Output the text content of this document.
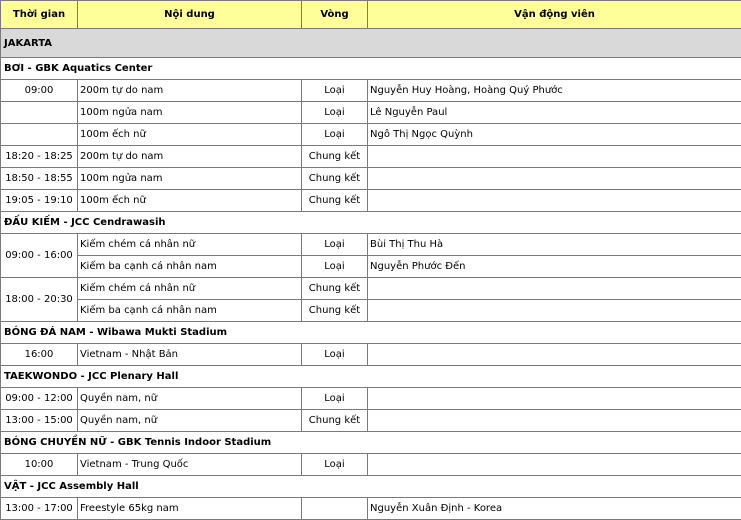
Thời gian	Nội dung	Vòng	Vận động viên
JAKARTA			
BƠI - GBK Aquatics Center			
09:00	200m tự do nam	Loại	Nguyễn Huy Hoàng, Hoàng Quý Phước
	100m ngửa nam	Loại	Lê Nguyễn Paul
	100m ếch nữ	Loại	Ngô Thị Ngọc Quỳnh
18:20 - 18:25	200m tự do nam	Chung kết	
18:50 - 18:55	100m ngửa nam	Chung kết	
19:05 - 19:10	100m ếch nữ	Chung kết	
ĐẤU KIẾM - JCC Cendrawasih			
09:00 - 16:00	Kiếm chém cá nhân nữ	Loại	Bùi Thị Thu Hà
	Kiếm ba cạnh cá nhân nam	Loại	Nguyễn Phước Đến
18:00 - 20:30	Kiếm chém cá nhân nữ	Chung kết	
	Kiếm ba cạnh cá nhân nam	Chung kết	
BÓNG ĐÁ NAM - Wibawa Mukti Stadium			
16:00	Vietnam - Nhật Bản	Loại	
TAEKWONDO - JCC Plenary Hall			
09:00 - 12:00	Quyền nam, nữ	Loại	
13:00 - 15:00	Quyền nam, nữ	Chung kết	
BÓNG CHUYỀN NỮ - GBK Tennis Indoor Stadium			
10:00	Vietnam - Trung Quốc	Loại	
VẬT - JCC Assembly Hall			
13:00 - 17:00	Freestyle 65kg nam		Nguyễn Xuân Định - Korea
